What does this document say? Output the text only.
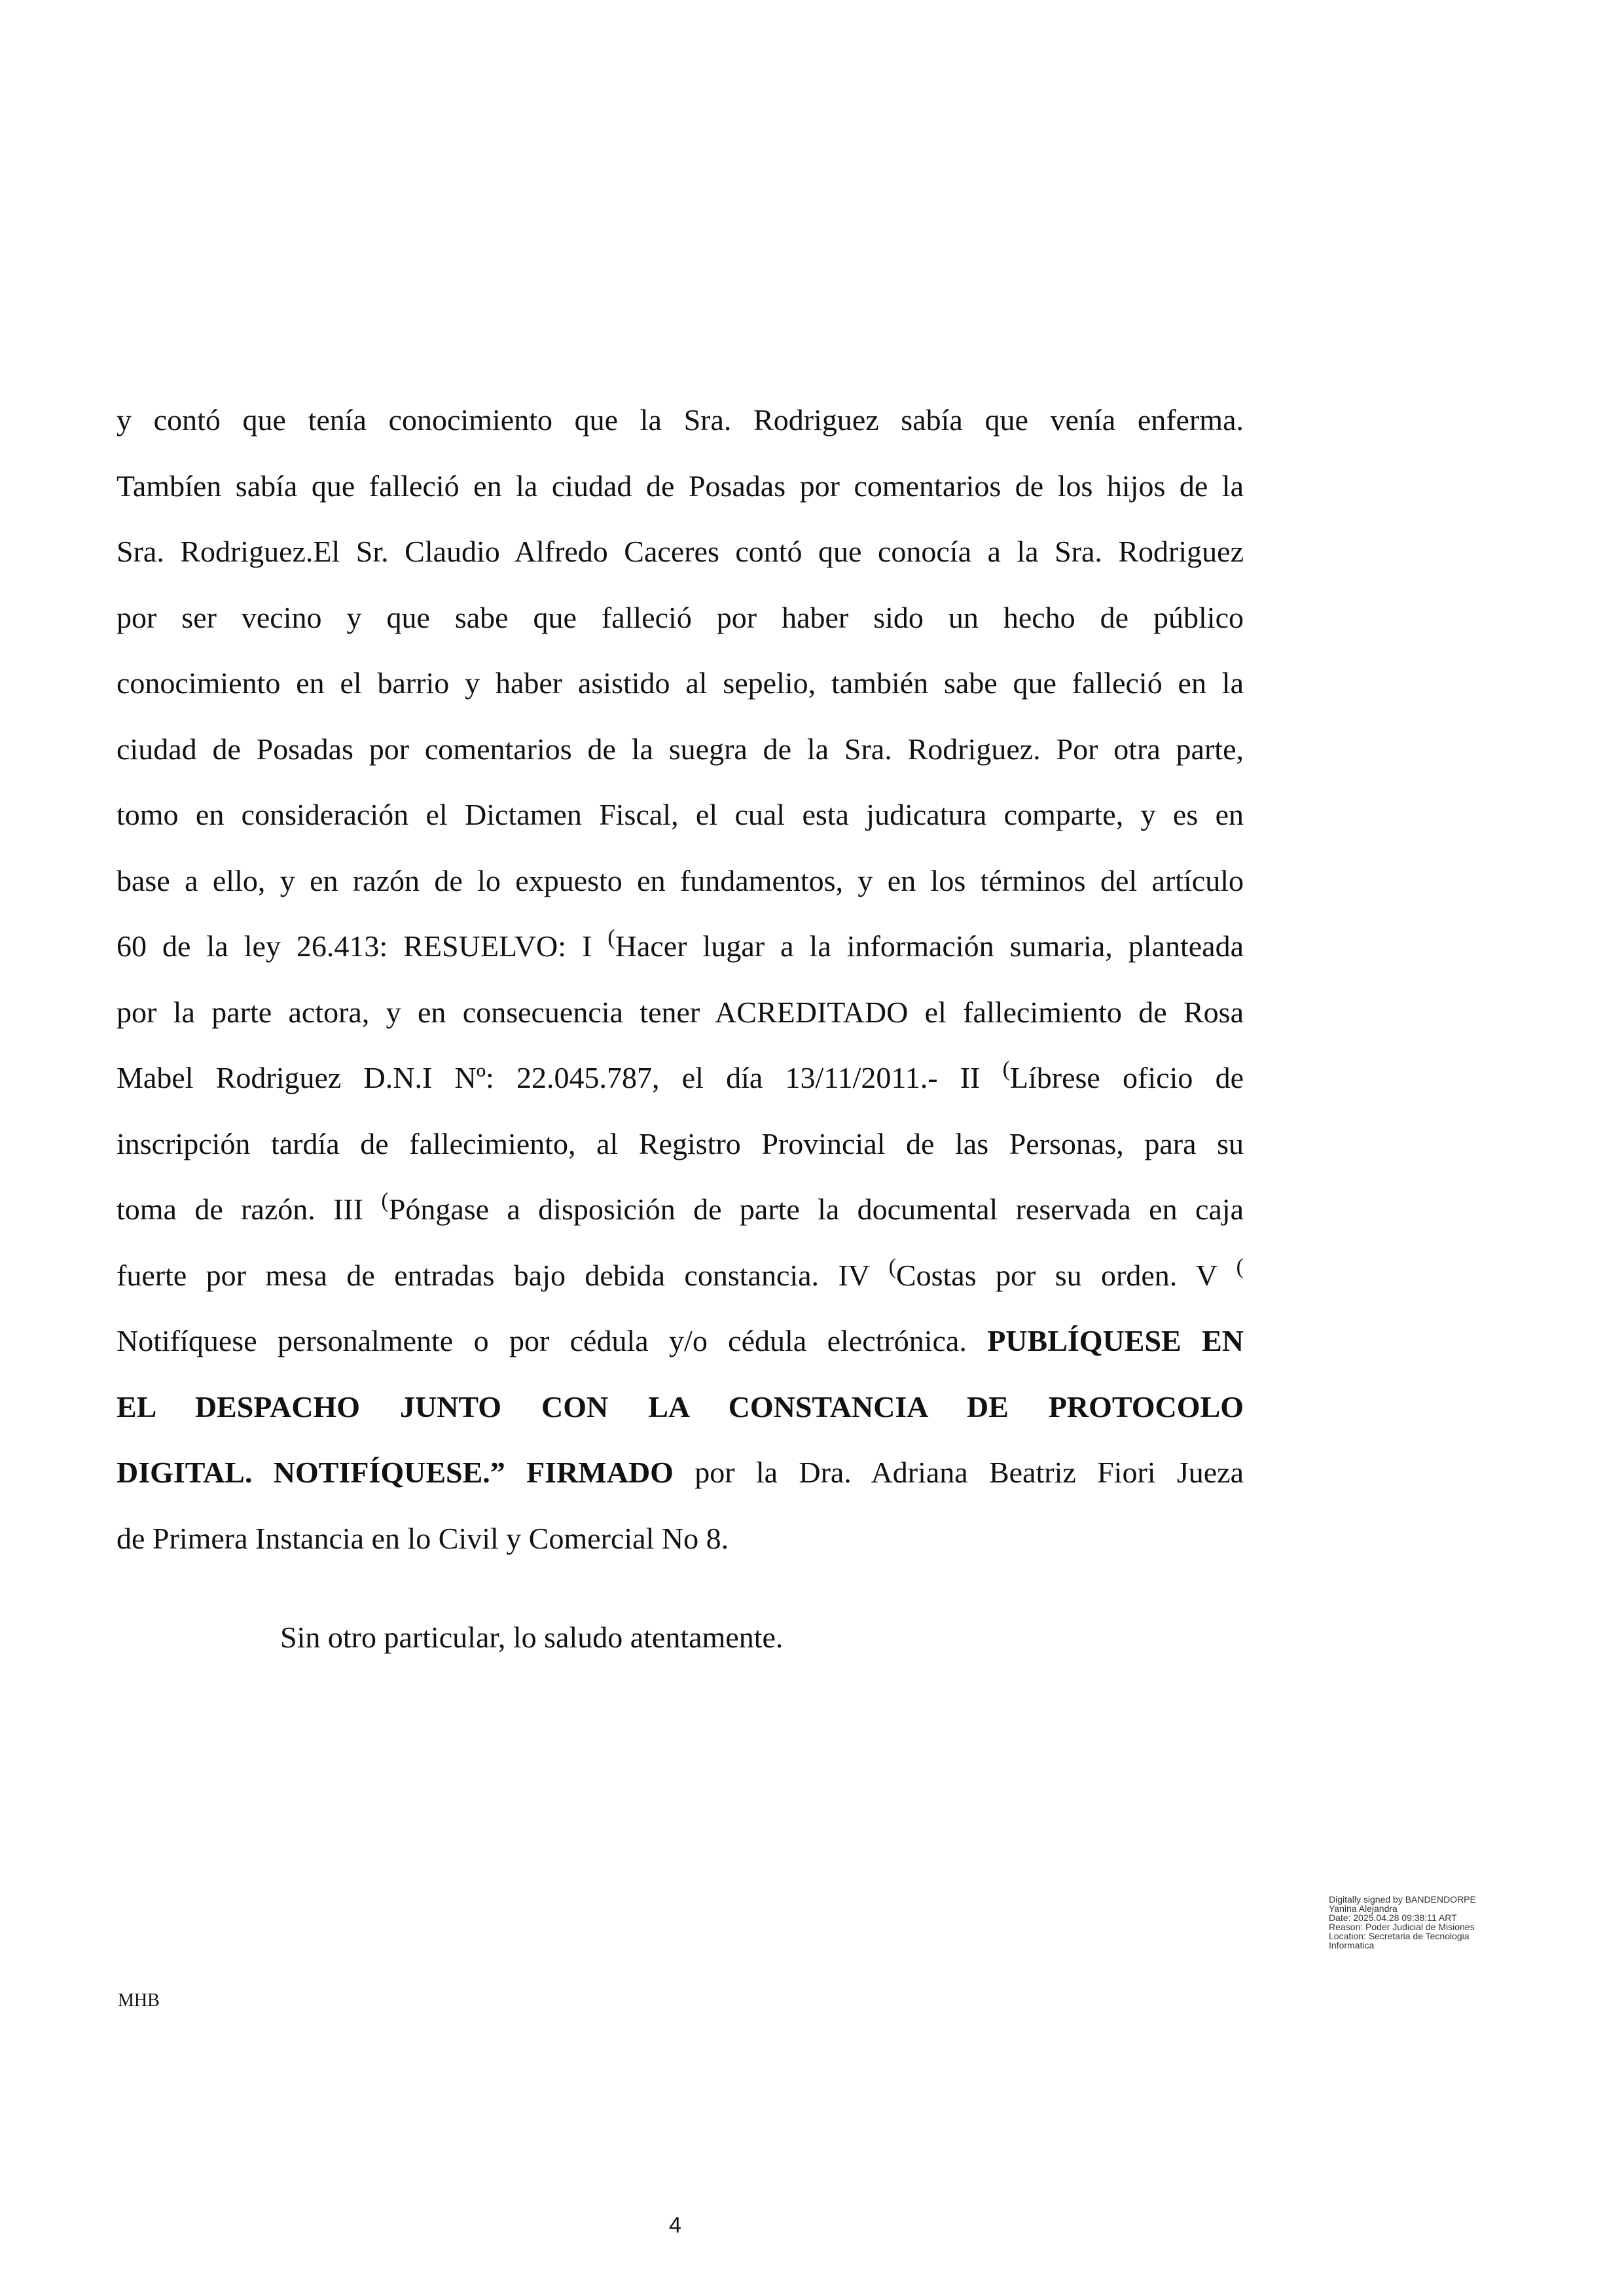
y contó que tenía conocimiento que la Sra. Rodriguez sabía que venía enferma.
Tambíen sabía que falleció en la ciudad de Posadas por comentarios de los hijos de la
Sra. Rodriguez.El Sr. Claudio Alfredo Caceres contó que conocía a la Sra. Rodriguez
por ser vecino y que sabe que falleció por haber sido un hecho de público
conocimiento en el barrio y haber asistido al sepelio, también sabe que falleció en la
ciudad de Posadas por comentarios de la suegra de la Sra. Rodriguez. Por otra parte,
tomo en consideración el Dictamen Fiscal, el cual esta judicatura comparte, y es en
base a ello, y en razón de lo expuesto en fundamentos, y en los términos del artículo
60 de la ley 26.413: RESUELVO: I (Hacer lugar a la información sumaria, planteada
por la parte actora, y en consecuencia tener ACREDITADO el fallecimiento de Rosa
Mabel Rodriguez D.N.I Nº: 22.045.787, el día 13/11/2011.- II (Líbrese oficio de
inscripción tardía de fallecimiento, al Registro Provincial de las Personas, para su
toma de razón. III (Póngase a disposición de parte la documental reservada en caja
fuerte por mesa de entradas bajo debida constancia. IV (Costas por su orden. V (
Notifíquese personalmente o por cédula y/o cédula electrónica. PUBLÍQUESE EN
EL DESPACHO JUNTO CON LA CONSTANCIA DE PROTOCOLO
DIGITAL. NOTIFÍQUESE.” FIRMADO por la Dra. Adriana Beatriz Fiori Jueza
de Primera Instancia en lo Civil y Comercial No 8.
Sin otro particular, lo saludo atentamente.
Digitally signed by BANDENDORPE
Yanina Alejandra
Date: 2025.04.28 09:38:11 ART
Reason: Poder Judicial de Misiones
Location: Secretaria de Tecnologia
Informatica
MHB
4
